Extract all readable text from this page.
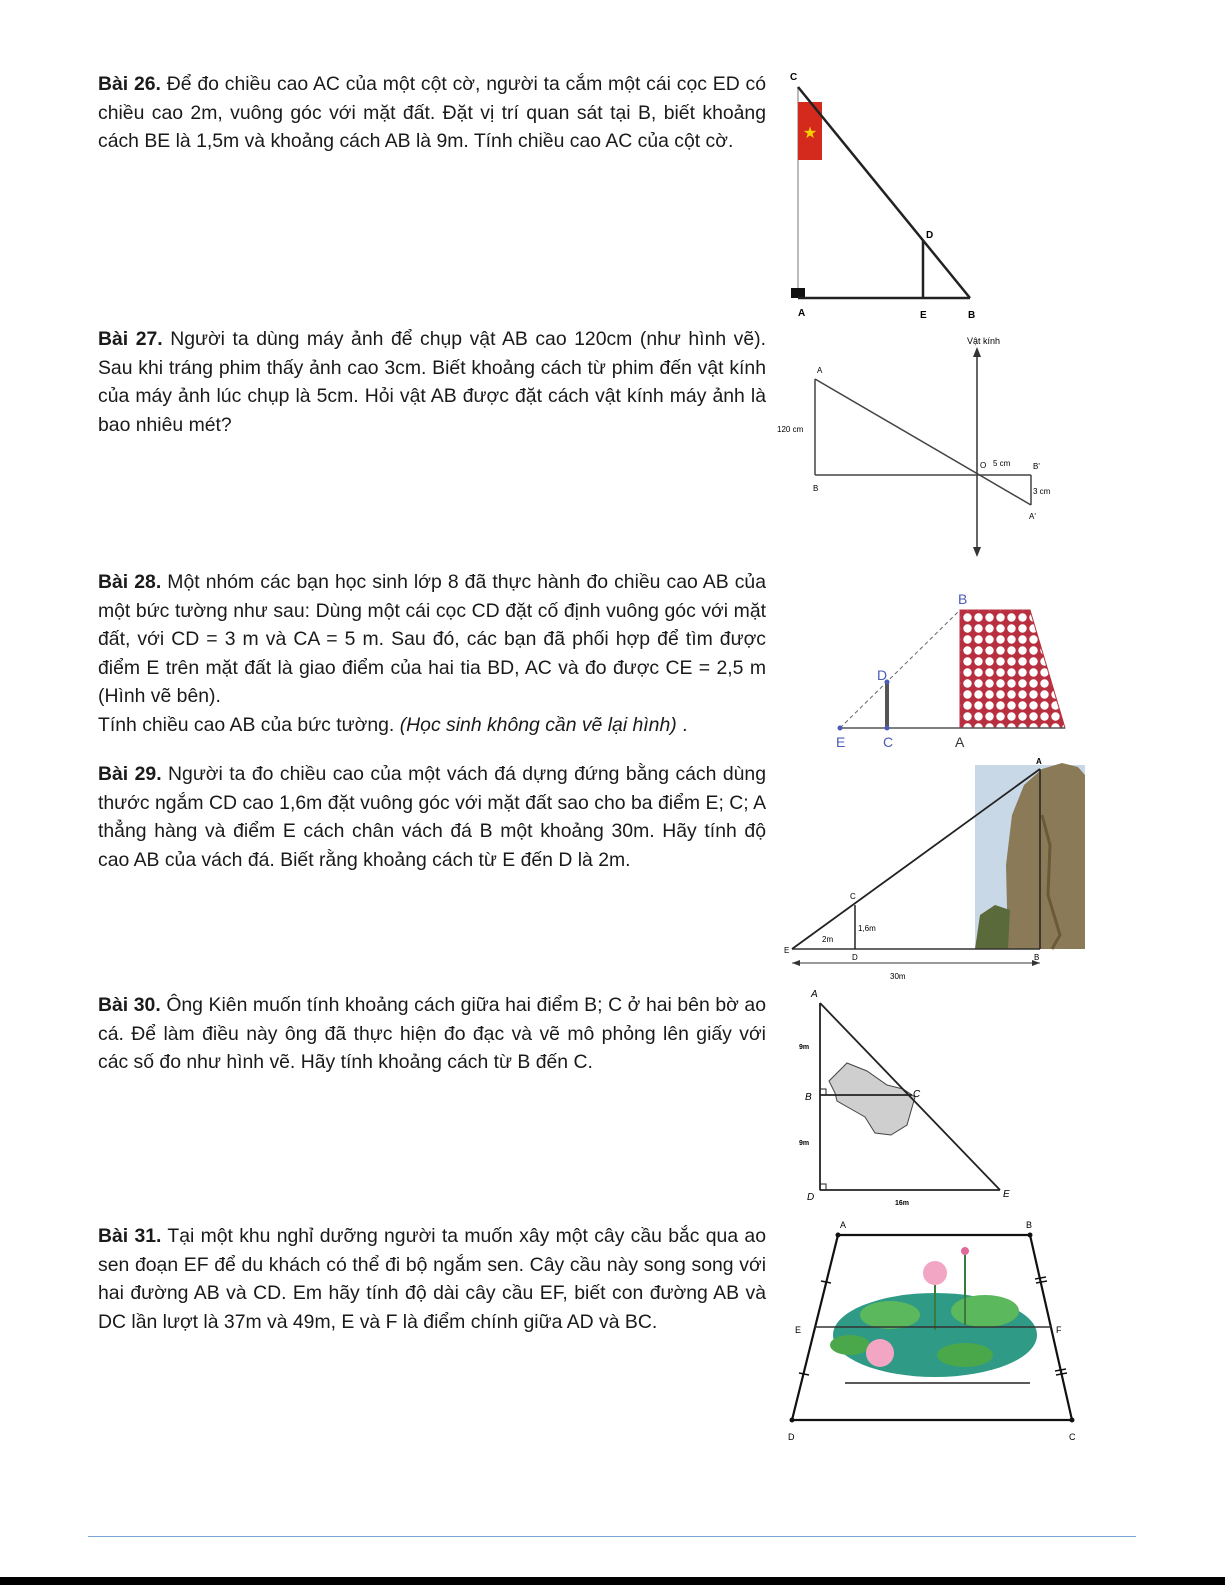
Bài 26. Để đo chiều cao AC của một cột cờ, người ta cắm một cái cọc ED có chiều cao 2m, vuông góc với mặt đất. Đặt vị trí quan sát tại B, biết khoảng cách BE là 1,5m và khoảng cách AB là 9m. Tính chiều cao AC của cột cờ.
Bài 27. Người ta dùng máy ảnh để chụp vật AB cao 120cm (như hình vẽ). Sau khi tráng phim thấy ảnh cao 3cm. Biết khoảng cách từ phim đến vật kính của máy ảnh lúc chụp là 5cm. Hỏi vật AB được đặt cách vật kính máy ảnh là bao nhiêu mét?
Bài 28. Một nhóm các bạn học sinh lớp 8 đã thực hành đo chiều cao AB của một bức tường như sau: Dùng một cái cọc CD đặt cố định vuông góc với mặt đất, với CD = 3 m và CA = 5 m. Sau đó, các bạn đã phối hợp để tìm được điểm E trên mặt đất là giao điểm của hai tia BD, AC và đo được CE = 2,5 m (Hình vẽ bên).
Tính chiều cao AB của bức tường. (Học sinh không cần vẽ lại hình) .
Bài 29. Người ta đo chiều cao của một vách đá dựng đứng bằng cách dùng thước ngắm CD cao 1,6m đặt vuông góc với mặt đất sao cho ba điểm E; C; A thẳng hàng và điểm E cách chân vách đá B một khoảng 30m. Hãy tính độ cao AB của vách đá. Biết rằng khoảng cách từ E đến D là 2m.
Bài 30. Ông Kiên muốn tính khoảng cách giữa hai điểm B; C ở hai bên bờ ao cá. Để làm điều này ông đã thực hiện đo đạc và vẽ mô phỏng lên giấy với các số đo như hình vẽ. Hãy tính khoảng cách từ B đến C.
Bài 31. Tại một khu nghỉ dưỡng người ta muốn xây một cây cầu bắc qua ao sen đoạn EF để du khách có thể đi bộ ngắm sen. Cây cầu này song song với hai đường AB và CD. Em hãy tính độ dài cây cầu EF, biết con đường AB và DC lần lượt là 37m và 49m, E và F là điểm chính giữa AD và BC.
★
C
D
A	E	B
Vật kính
A
120 cm
O 5 cm	B'
B	3 cm
A'
B
D
E	C	A
A
C
1,6m
2m
E
D	B
30m
A
9m
B	C
9m
D
16m
E
A	B
E	F
D	C
